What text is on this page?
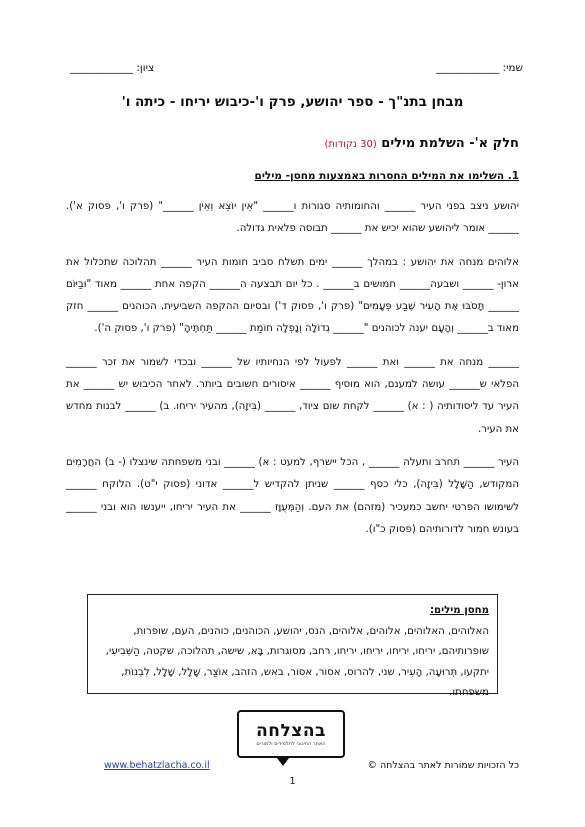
שמי: ____________
ציון: ____________
מבחן בתנ"ך - ספר יהושע, פרק ו'-כיבוש יריחו - כיתה ו'
חלק א'- השלמת מילים (30 נקודות)
1. השלימו את המילים החסרות באמצעות מחסן- מילים

יהושע ניצב בפני העיר ______ והחומותיה סגורות ו______ "אֵין יוֹצֵא וְאֵין ______" (פרק ו', פסוק א'). ______ אומר ליהושע שהוא יכיש את ______ תבוסה פלאית גדולה.

אלוהים מנחה את יהושע : במהלך ______ ימים תשלח סביב חומות העיר ______ תהלוכה שתכלול את ארון- ______ ושבעה______ חמושים ב______ . כל יום תבצעה ה______ הקפה אחת ______ מאוד "וּבַיּוֹם ______ תָּסֹבּוּ אֶת הָעִיר שֶׁבַע פְּעָמִים" (פרק ו', פסוק ד') ובסיום ההקפה השביעית, הכוהנים ______ חזק מאוד ב______ וְהָעָם יענה לכוהנים "______ גְדוֹלָה וְנָפְלָה חוֹמַת ______ תַּחְתֶּיהָ" (פרק ו', פסוק ה').

______ מנחה את ______ ואת ______ לפעול לפי הנחיותיו של ______ ובכדי לשמור את זכר ______ הפלאי ש______ עושה למענם, הוא מוסיף ______ איסורים חשובים ביותר. לאחר הכיבוש יש ______ את העיר עד ליסודותיה ( : א) ______ לקחת שום ציוד, ______ (בִּיזָה), מהעיר יריחו. ב) ______ לבנות מחדש את העיר.

העיר ______ תחרב ותעלה ______ , הכל יישרף, למעט : א) ______ ובני משפחתה שינצלו (- ב) החֲרָמִים המקודש, הַשָּׁלָל (בִּיזָה), כלי כסף ______ שניתן להקדיש ל______ אדוני (פסוק י"ט). הלוקח ______ לשימושו הפרטי יחשב כמעכיר (מזהם) את העם. וְהַמְּעֻוָּז ______ את העיר יריחו, ייענשו הוא ובני ______ בעונש חמור לדורותיהם (פסוק כ"ו).

מחסן מילים:
האלוהים, האלוהים, אלוהים, אלוהים, הנס, יהושע, הכוהנים, כוהנים, העם, שופרות, שופרותיהם, יריחו, יריחו, יריחו, יריחו, רחב, מסוגרות, בָּא, שישה, תהלוכה, שקטה, הַשְּׁבִיעִי, יתקעו, תְּרוּעָה, הָעִיר, שני, להרוס, אסור, אסור, באש, הזהב, אוֹצַר, שָׁלָל, שָׁלָל, לִבְנוֹת, משפחתו.
בהצלחה
האתר החינוכי לתלמידים ולמורים
www.behatzlacha.co.il	כל הזכויות שמורות לאתר בהצלחה ©
1
